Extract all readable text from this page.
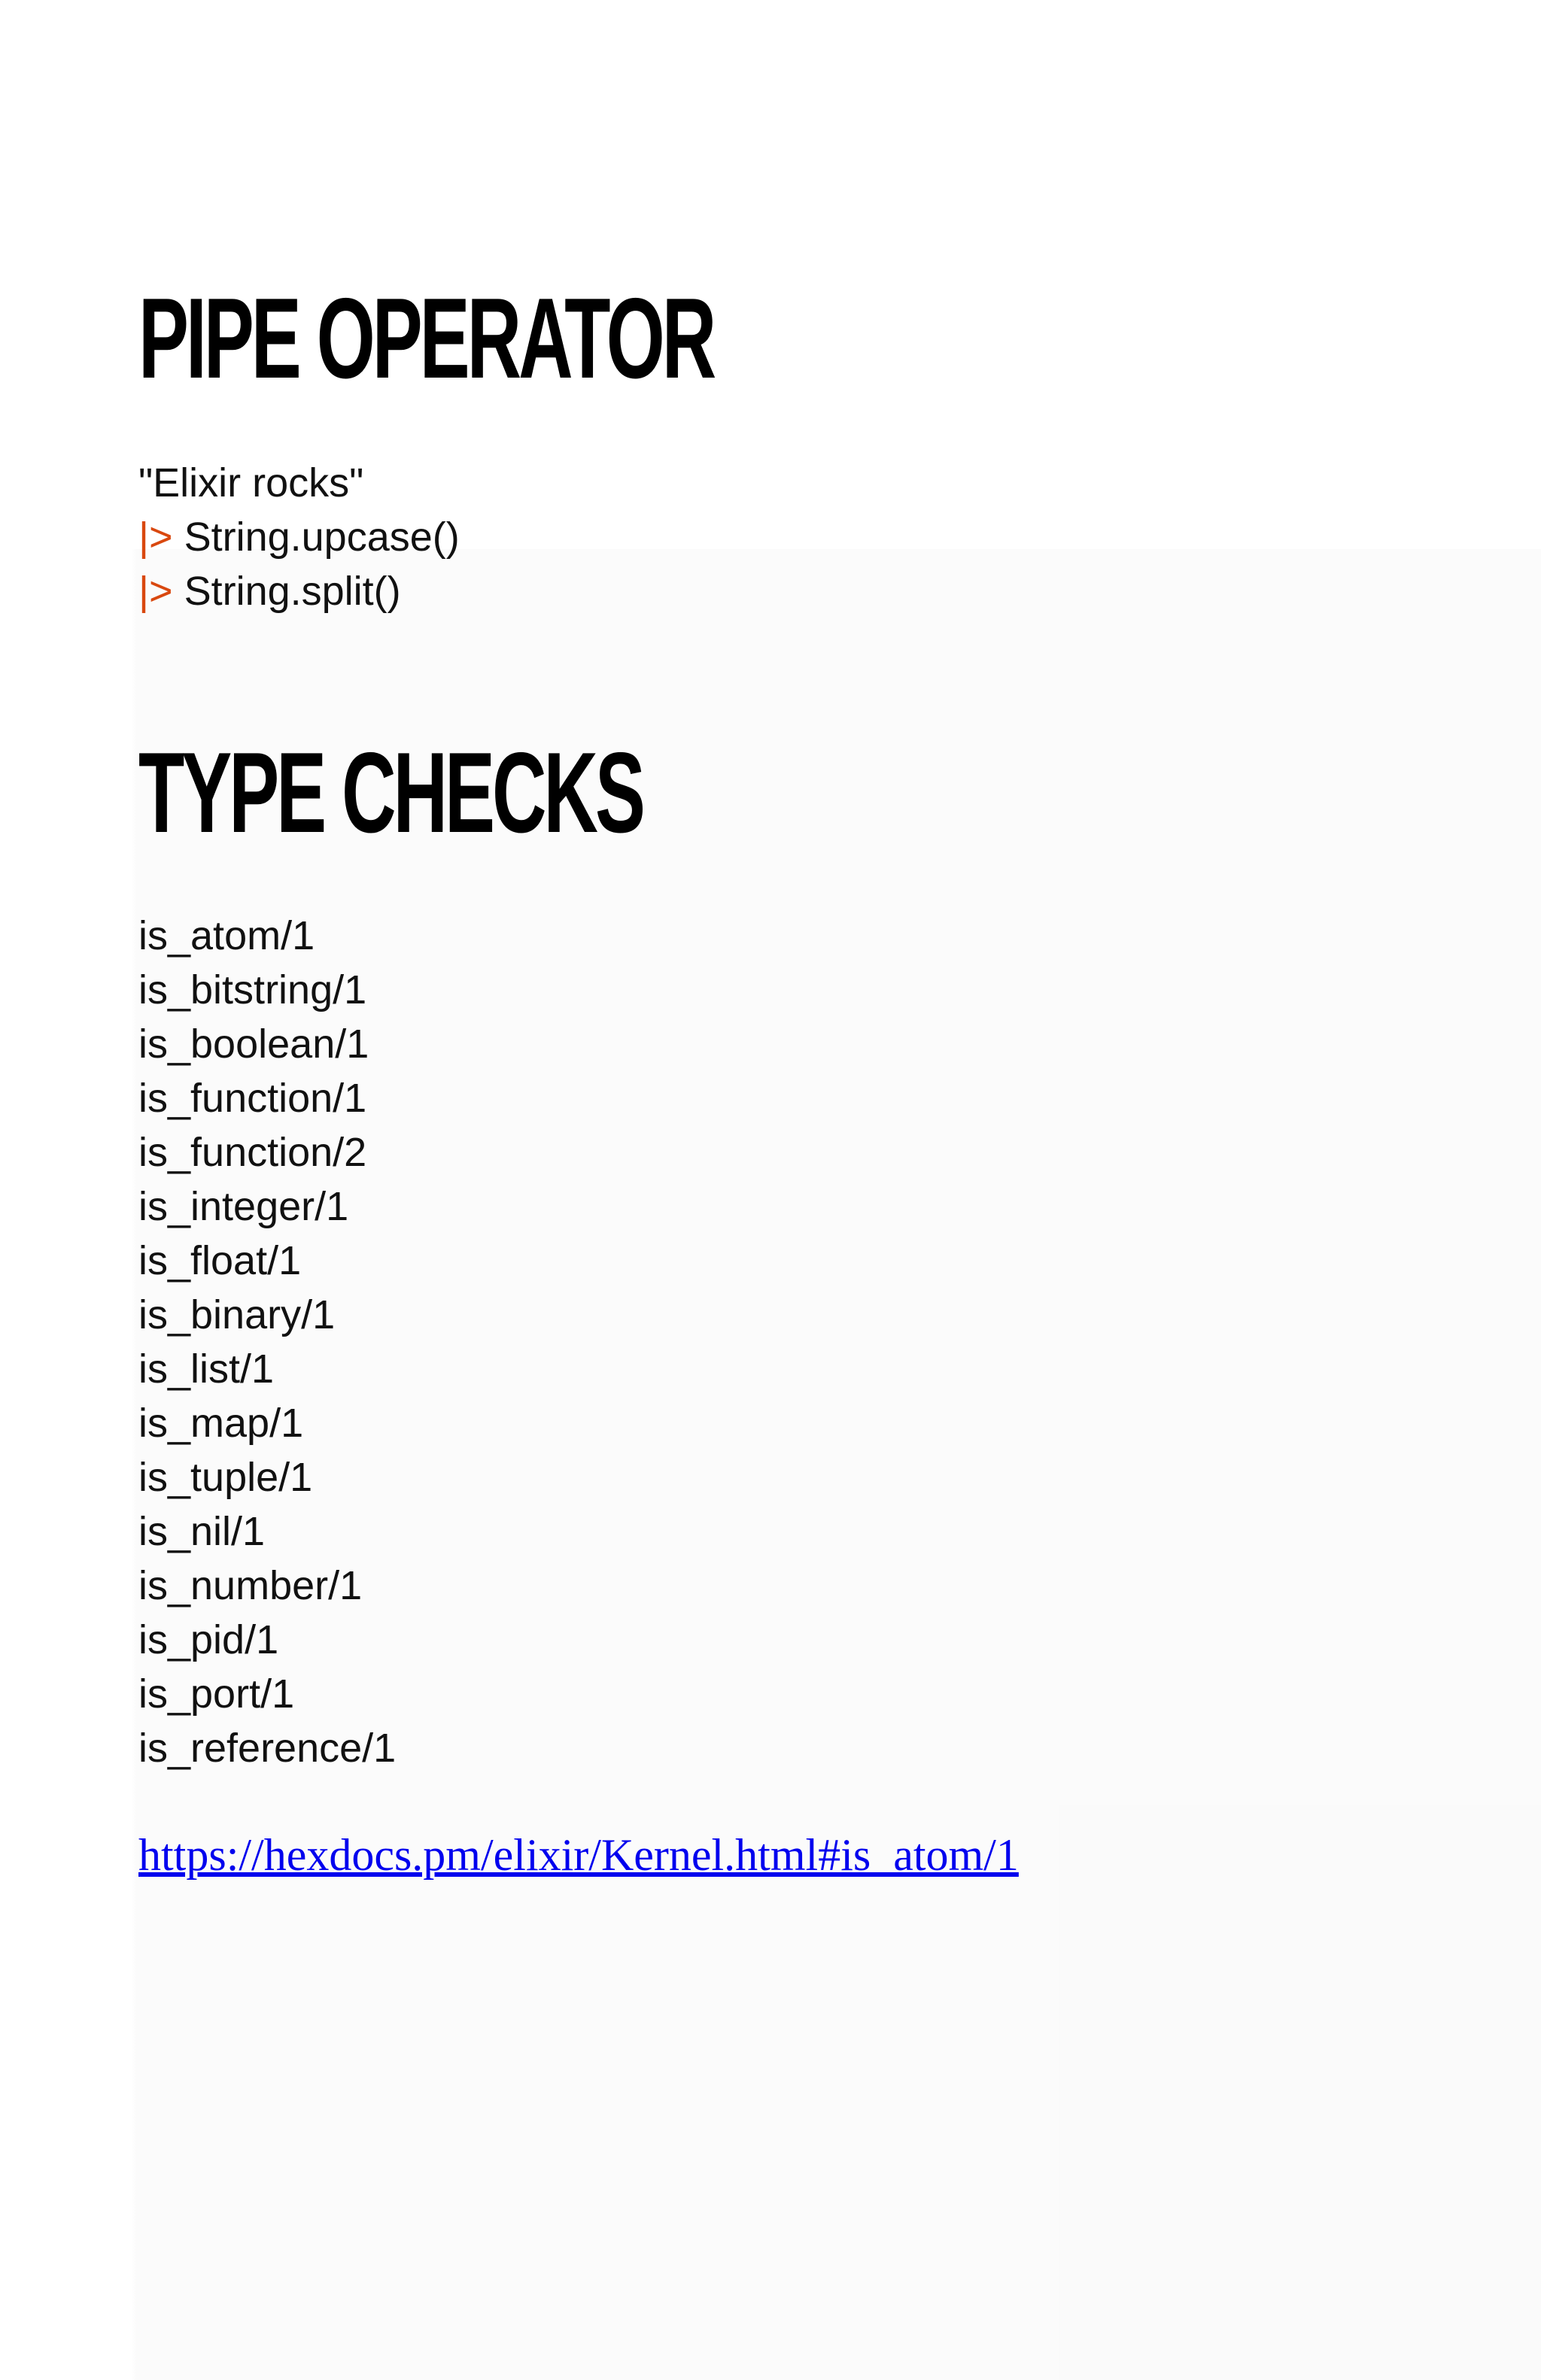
PIPE OPERATOR
"Elixir rocks"
|> String.upcase()
|> String.split()
TYPE CHECKS
is_atom/1
is_bitstring/1
is_boolean/1
is_function/1
is_function/2
is_integer/1
is_float/1
is_binary/1
is_list/1
is_map/1
is_tuple/1
is_nil/1
is_number/1
is_pid/1
is_port/1
is_reference/1
https://hexdocs.pm/elixir/Kernel.html#is_atom/1
